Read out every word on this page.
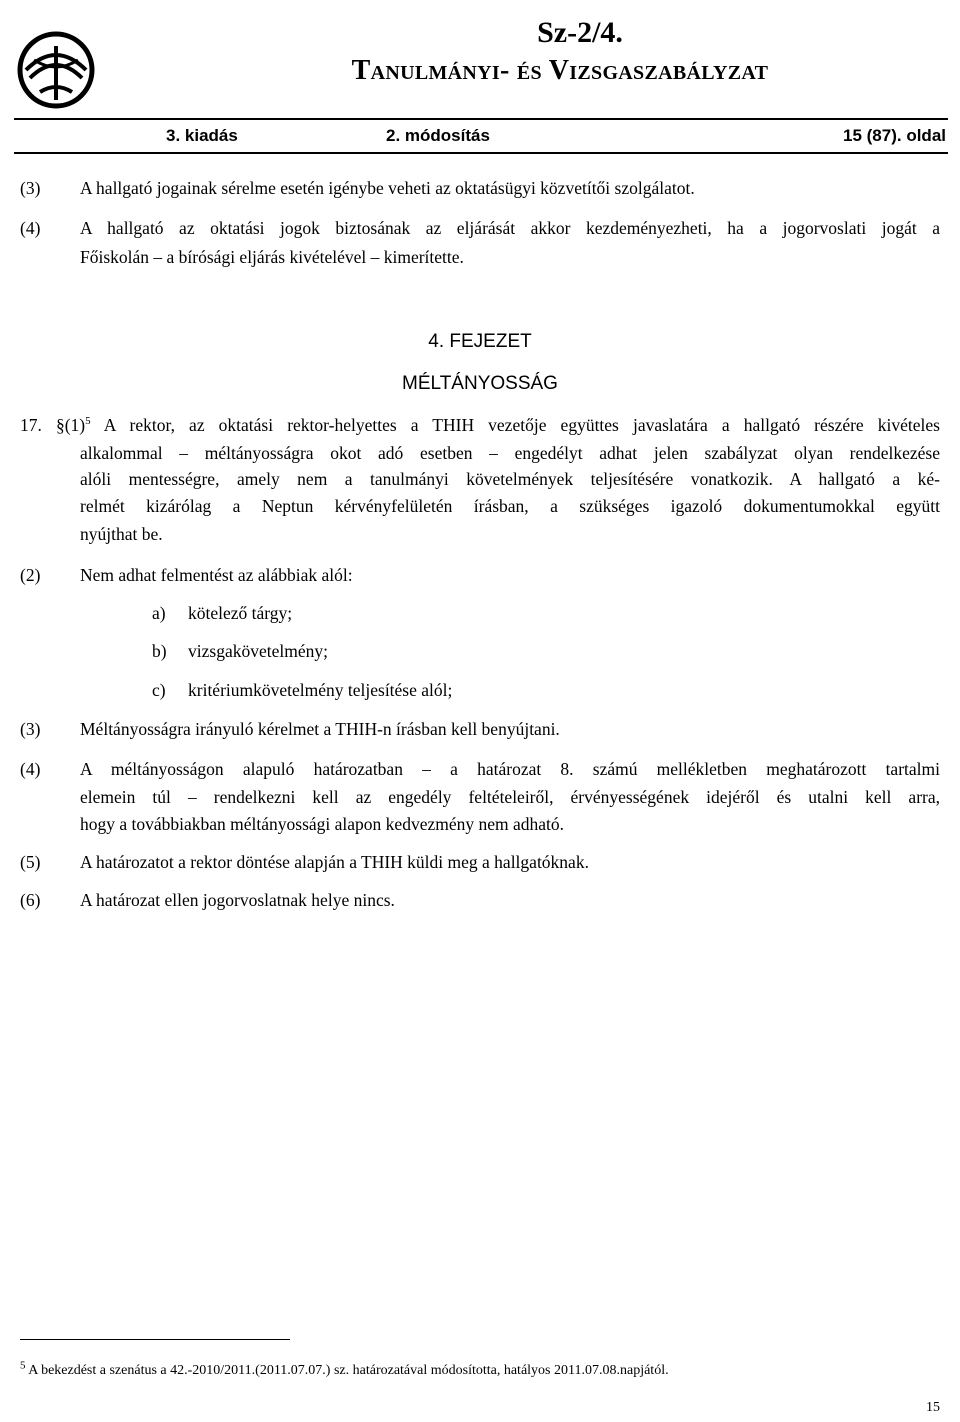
Sz-2/4.
Tanulmányi- és Vizsgaszabályzat
3. kiadás	2. módosítás	15 (87). oldal
(3) A hallgató jogainak sérelme esetén igénybe veheti az oktatásügyi közvetítői szolgálatot.
(4) A hallgató az oktatási jogok biztosának az eljárását akkor kezdeményezheti, ha a jogorvoslati jogát a
Főiskolán – a bírósági eljárás kivételével – kimerítette.
4. FEJEZET
MÉLTÁNYOSSÁG
17. $\S(1)^5$ A rektor, az oktatási rektor-helyettes a THIH vezetője együttes javaslatára a hallgató részére kivételes
alkalommal – méltányosságra okot adó esetben – engedélyt adhat jelen szabályzat olyan rendelkezése
alóli mentességre, amely nem a tanulmányi követelmények teljesítésére vonatkozik. A hallgató a ké-
relmét kizárólag a Neptun kérvényfelületén írásban, a szükséges igazoló dokumentumokkal együtt
nyújthat be.
(2) Nem adhat felmentést az alábbiak alól:
a) kötelező tárgy;
b) vizsgakövetelmény;
c) kritériumkövetelmény teljesítése alól;
(3) Méltányosságra irányuló kérelmet a THIH-n írásban kell benyújtani.
(4) A méltányosságon alapuló határozatban – a határozat 8. számú mellékletben meghatározott tartalmi
elemein túl – rendelkezni kell az engedély feltételeiről, érvényességének idejéről és utalni kell arra,
hogy a továbbiakban méltányossági alapon kedvezmény nem adható.
(5) A határozatot a rektor döntése alapján a THIH küldi meg a hallgatóknak.
(6) A határozat ellen jogorvoslatnak helye nincs.
$^5$ A bekezdést a szenátus a 42.-2010/2011.(2011.07.07.) sz. határozatával módosította, hatályos 2011.07.08.napjától.
15
